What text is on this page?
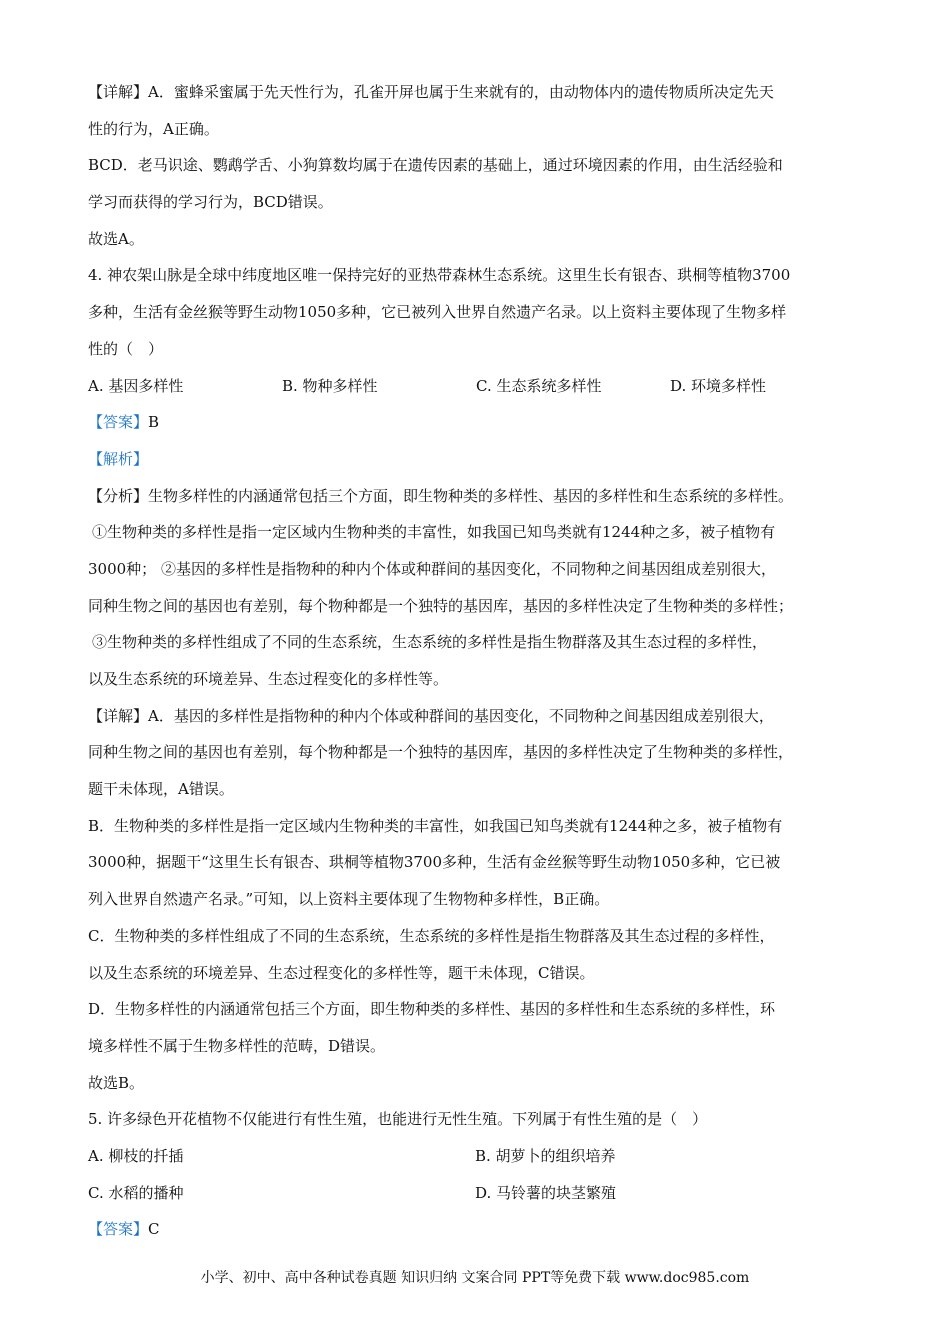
【详解】A．蜜蜂采蜜属于先天性行为，孔雀开屏也属于生来就有的，由动物体内的遗传物质所决定先天
性的行为，A正确。
BCD．老马识途、鹦鹉学舌、小狗算数均属于在遗传因素的基础上，通过环境因素的作用，由生活经验和
学习而获得的学习行为，BCD错误。
故选A。
4. 神农架山脉是全球中纬度地区唯一保持完好的亚热带森林生态系统。这里生长有银杏、珙桐等植物3700
多种，生活有金丝猴等野生动物1050多种，它已被列入世界自然遗产名录。以上资料主要体现了生物多样
性的（　）
A. 基因多样性	B. 物种多样性	C. 生态系统多样性	D. 环境多样性
【答案】B
【解析】
【分析】生物多样性的内涵通常包括三个方面，即生物种类的多样性、基因的多样性和生态系统的多样性。
①生物种类的多样性是指一定区域内生物种类的丰富性，如我国已知鸟类就有1244种之多，被子植物有
3000种； ②基因的多样性是指物种的种内个体或种群间的基因变化，不同物种之间基因组成差别很大，
同种生物之间的基因也有差别，每个物种都是一个独特的基因库，基因的多样性决定了生物种类的多样性；
③生物种类的多样性组成了不同的生态系统，生态系统的多样性是指生物群落及其生态过程的多样性，
以及生态系统的环境差异、生态过程变化的多样性等。
【详解】A．基因的多样性是指物种的种内个体或种群间的基因变化，不同物种之间基因组成差别很大，
同种生物之间的基因也有差别，每个物种都是一个独特的基因库，基因的多样性决定了生物种类的多样性，
题干未体现，A错误。
B．生物种类的多样性是指一定区域内生物种类的丰富性，如我国已知鸟类就有1244种之多，被子植物有
3000种，据题干“这里生长有银杏、珙桐等植物3700多种，生活有金丝猴等野生动物1050多种，它已被
列入世界自然遗产名录。”可知，以上资料主要体现了生物物种多样性，B正确。
C．生物种类的多样性组成了不同的生态系统，生态系统的多样性是指生物群落及其生态过程的多样性，
以及生态系统的环境差异、生态过程变化的多样性等，题干未体现，C错误。
D．生物多样性的内涵通常包括三个方面，即生物种类的多样性、基因的多样性和生态系统的多样性，环
境多样性不属于生物多样性的范畴，D错误。
故选B。
5. 许多绿色开花植物不仅能进行有性生殖，也能进行无性生殖。下列属于有性生殖的是（　）
A. 柳枝的扦插	B. 胡萝卜的组织培养
C. 水稻的播种	D. 马铃薯的块茎繁殖
【答案】C
小学、初中、高中各种试卷真题 知识归纳 文案合同 PPT等免费下载 www.doc985.com
